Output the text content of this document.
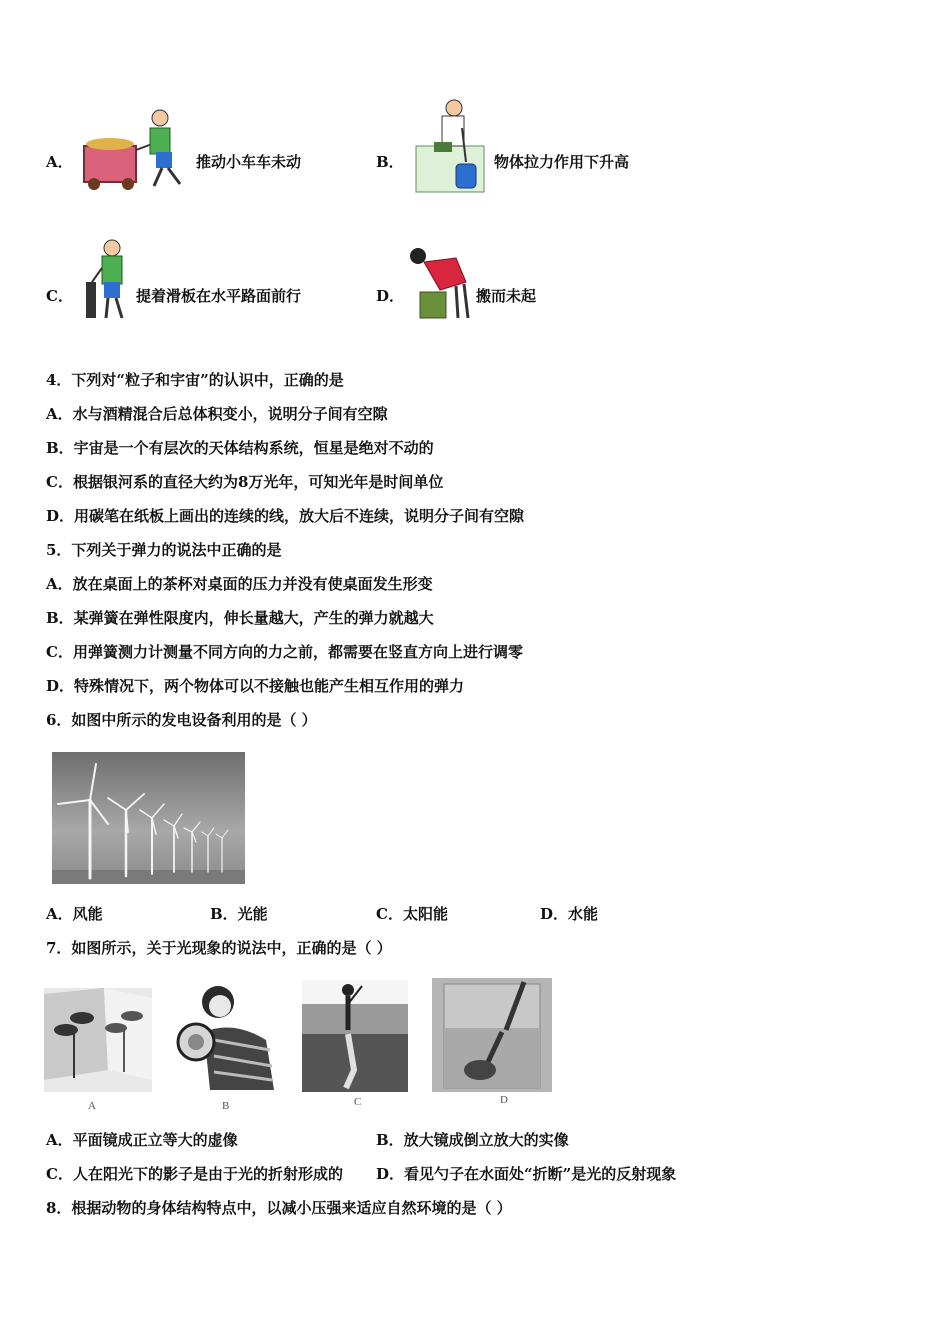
A．	推动小车车未动	B．	物体拉力作用下升高
C．	提着滑板在水平路面前行	D．	搬而未起
4．下列对“粒子和宇宙”的认识中，正确的是
A．水与酒精混合后总体积变小，说明分子间有空隙
B．宇宙是一个有层次的天体结构系统，恒星是绝对不动的
C．根据银河系的直径大约为8万光年，可知光年是时间单位
D．用碳笔在纸板上画出的连续的线，放大后不连续，说明分子间有空隙
5．下列关于弹力的说法中正确的是
A．放在桌面上的茶杯对桌面的压力并没有使桌面发生形变
B．某弹簧在弹性限度内，伸长量越大，产生的弹力就越大
C．用弹簧测力计测量不同方向的力之前，都需要在竖直方向上进行调零
D．特殊情况下，两个物体可以不接触也能产生相互作用的弹力
6．如图中所示的发电设备利用的是（ ）
A．风能	B．光能	C．太阳能	D．水能
7．如图所示，关于光现象的说法中，正确的是（ ）
A	B	C	D
A．平面镜成正立等大的虚像	B．放大镜成倒立放大的实像
C．人在阳光下的影子是由于光的折射形成的 D．看见勺子在水面处“折断”是光的反射现象
8．根据动物的身体结构特点中，以减小压强来适应自然环境的是（ ）
